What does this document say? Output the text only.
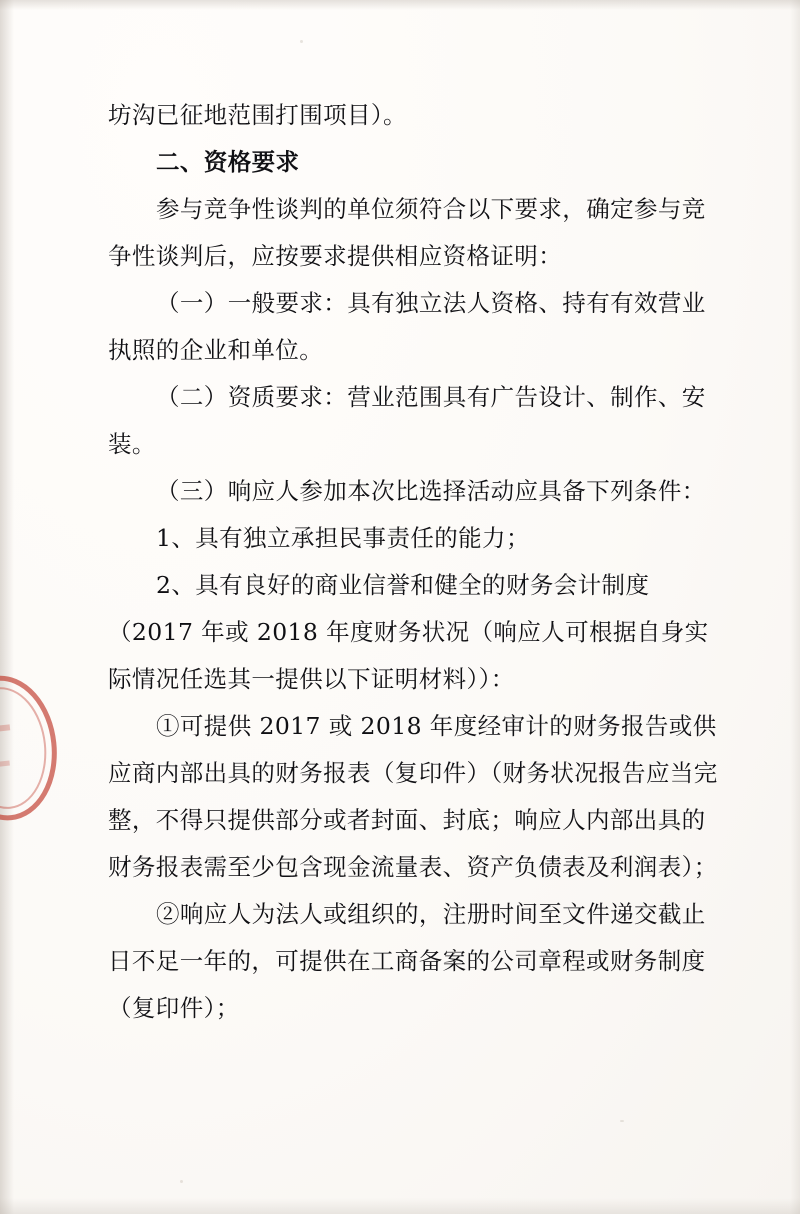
坊沟已征地范围打围项目）。

二、资格要求

参与竞争性谈判的单位须符合以下要求，确定参与竞争性谈判后，应按要求提供相应资格证明：

（一）一般要求：具有独立法人资格、持有有效营业执照的企业和单位。

（二）资质要求：营业范围具有广告设计、制作、安装。

（三）响应人参加本次比选择活动应具备下列条件：

1、具有独立承担民事责任的能力；

2、具有良好的商业信誉和健全的财务会计制度（2017 年或 2018 年度财务状况（响应人可根据自身实际情况任选其一提供以下证明材料））：

①可提供 2017 或 2018 年度经审计的财务报告或供应商内部出具的财务报表（复印件）（财务状况报告应当完整，不得只提供部分或者封面、封底；响应人内部出具的财务报表需至少包含现金流量表、资产负债表及利润表）；

②响应人为法人或组织的，注册时间至文件递交截止日不足一年的，可提供在工商备案的公司章程或财务制度（复印件）；
